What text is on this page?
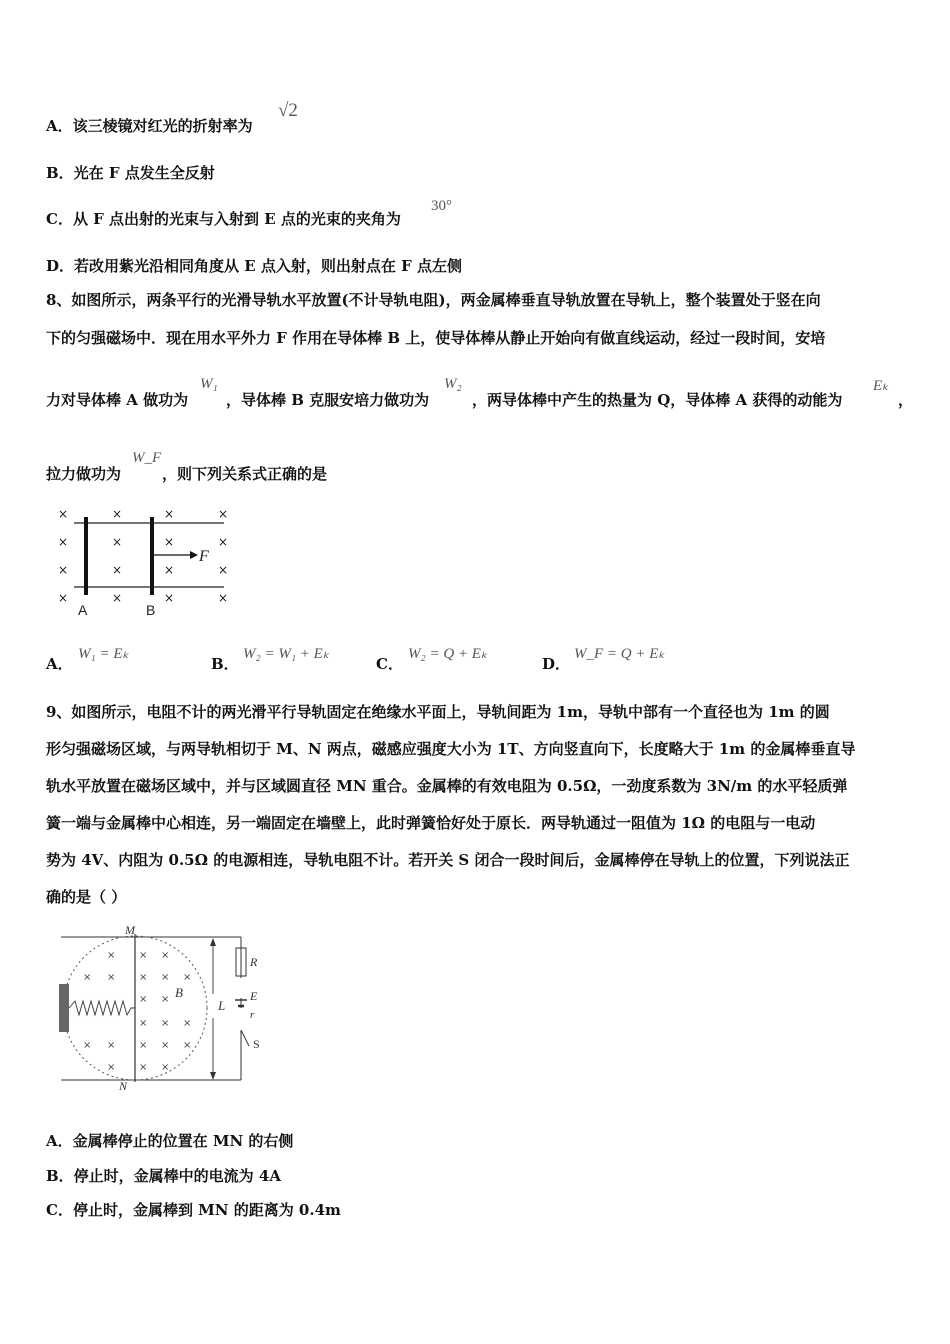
A．该三棱镜对红光的折射率为
√2
B．光在 F 点发生全反射
C．从 F 点出射的光束与入射到 E 点的光束的夹角为
30°
D．若改用紫光沿相同角度从 E 点入射，则出射点在 F 点左侧
8、如图所示，两条平行的光滑导轨水平放置(不计导轨电阻)，两金属棒垂直导轨放置在导轨上，整个装置处于竖在向
下的匀强磁场中．现在用水平外力 F 作用在导体棒 B 上，使导体棒从静止开始向有做直线运动，经过一段时间，安培
力对导体棒 A 做功为
W₁
，导体棒 B 克服安培力做功为
W₂
，两导体棒中产生的热量为 Q，导体棒 A 获得的动能为
Eₖ
，
拉力做功为
W_F
，则下列关系式正确的是
×	×	×	×
×	×	×	×
×	×	×	×
×	×	×	×
F
A	B
A．
W₁ = Eₖ
B．
W₂ = W₁ + Eₖ
C．
W₂ = Q + Eₖ
D．
W_F = Q + Eₖ
9、如图所示，电阻不计的两光滑平行导轨固定在绝缘水平面上，导轨间距为 1m，导轨中部有一个直径也为 1m 的圆
形匀强磁场区域，与两导轨相切于 M、N 两点，磁感应强度大小为 1T、方向竖直向下，长度略大于 1m 的金属棒垂直导
轨水平放置在磁场区域中，并与区域圆直径 MN 重合。金属棒的有效电阻为 0.5Ω，一劲度系数为 3N/m 的水平轻质弹
簧一端与金属棒中心相连，另一端固定在墙壁上，此时弹簧恰好处于原长．两导轨通过一阻值为 1Ω 的电阻与一电动
势为 4V、内阻为 0.5Ω 的电源相连，导轨电阻不计。若开关 S 闭合一段时间后，金属棒停在导轨上的位置，下列说法正
确的是（ ）
× × ×
× × × × ×
× ×
× × ×
× × × × ×
× × ×
M
N
B
L
R
E
r
S
A．金属棒停止的位置在 MN 的右侧
B．停止时，金属棒中的电流为 4A
C．停止时，金属棒到 MN 的距离为 0.4m
